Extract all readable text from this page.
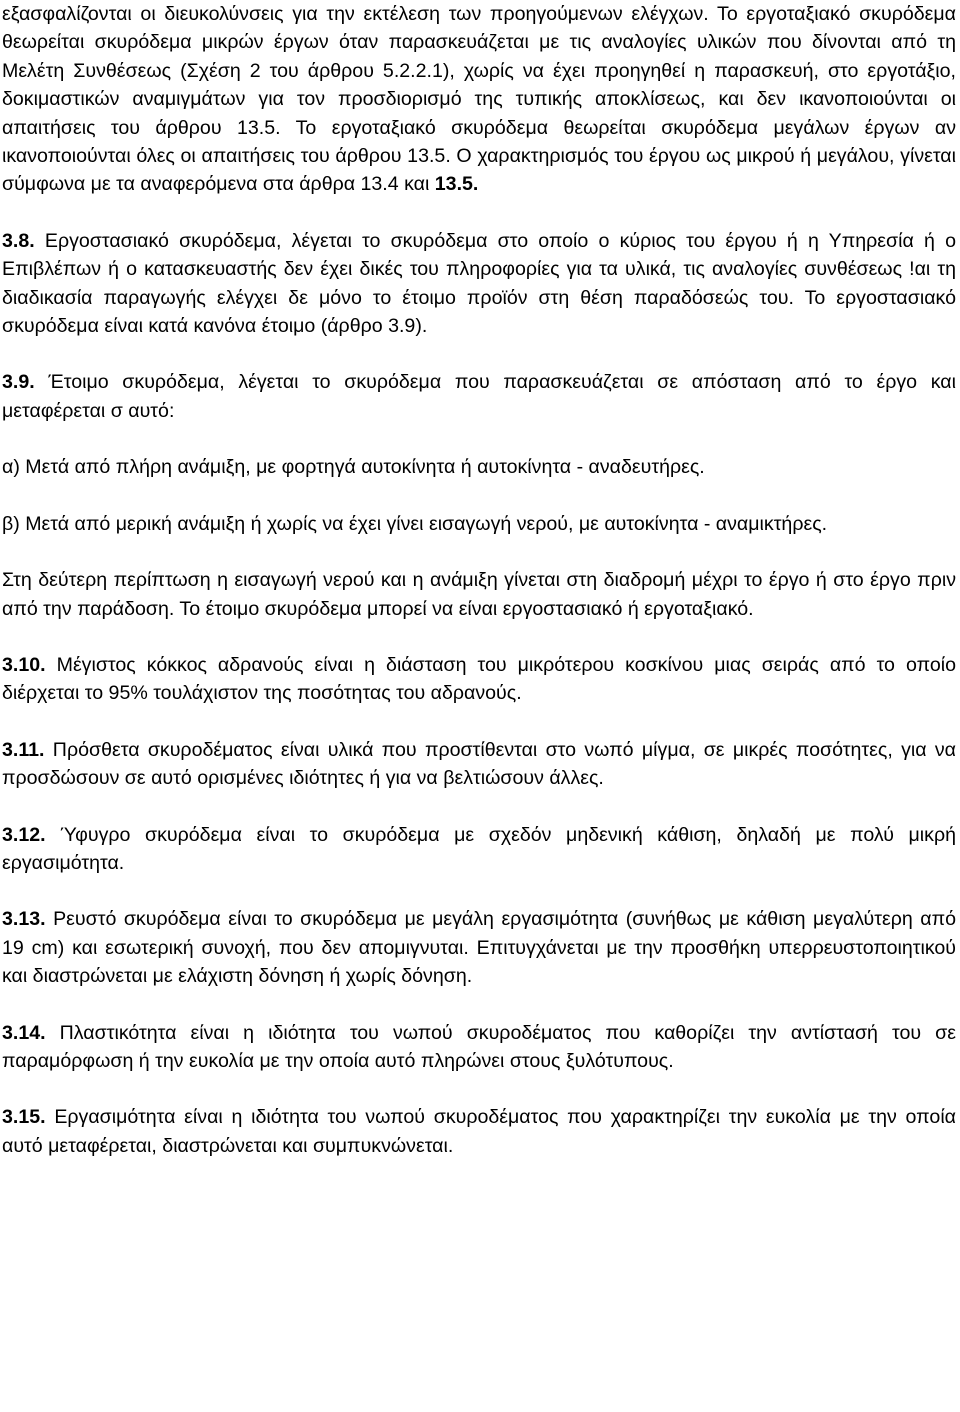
εξασφαλίζονται οι διευκολύνσεις για την εκτέλεση των προηγούμενων ελέγχων. Το εργοταξιακό σκυρόδεμα θεωρείται σκυρόδεμα μικρών έργων όταν παρασκευάζεται με τις αναλογίες υλικών που δίνονται από τη Μελέτη Συνθέσεως (Σχέση 2 του άρθρου 5.2.2.1), χωρίς να έχει προηγηθεί η παρασκευή, στο εργοτάξιο, δοκιμαστικών αναμιγμάτων για τον προσδιορισμό της τυπικής αποκλίσεως, και δεν ικανοποιούνται οι απαιτήσεις του άρθρου 13.5. Το εργοταξιακό σκυρόδεμα θεωρείται σκυρόδεμα μεγάλων έργων αν ικανοποιούνται όλες οι απαιτήσεις του άρθρου 13.5. Ο χαρακτηρισμός του έργου ως μικρού ή μεγάλου, γίνεται σύμφωνα με τα αναφερόμενα στα άρθρα 13.4 και 13.5.

3.8. Εργοστασιακό σκυρόδεμα, λέγεται το σκυρόδεμα στο οποίο ο κύριος του έργου ή η Υπηρεσία ή ο Επιβλέπων ή ο κατασκευαστής δεν έχει δικές του πληροφορίες για τα υλικά, τις αναλογίες συνθέσεως !αι τη διαδικασία παραγωγής ελέγχει δε μόνο το έτοιμο προϊόν στη θέση παραδόσεώς του. Το εργοστασιακό σκυρόδεμα είναι κατά κανόνα έτοιμο (άρθρο 3.9).

3.9. Έτοιμο σκυρόδεμα, λέγεται το σκυρόδεμα που παρασκευάζεται σε απόσταση από το έργο και μεταφέρεται σ αυτό:

α) Μετά από πλήρη ανάμιξη, με φορτηγά αυτοκίνητα ή αυτοκίνητα - αναδευτήρες.

β) Μετά από μερική ανάμιξη ή χωρίς να έχει γίνει εισαγωγή νερού, με αυτοκίνητα - αναμικτήρες.

Στη δεύτερη περίπτωση η εισαγωγή νερού και η ανάμιξη γίνεται στη διαδρομή μέχρι το έργο ή στο έργο πριν από την παράδοση. Το έτοιμο σκυρόδεμα μπορεί να είναι εργοστασιακό ή εργοταξιακό.

3.10. Μέγιστος κόκκος αδρανούς είναι η διάσταση του μικρότερου κοσκίνου μιας σειράς από το οποίο διέρχεται το 95% τουλάχιστον της ποσότητας του αδρανούς.

3.11. Πρόσθετα σκυροδέματος είναι υλικά που προστίθενται στο νωπό μίγμα, σε μικρές ποσότητες, για να προσδώσουν σε αυτό ορισμένες ιδιότητες ή για να βελτιώσουν άλλες.

3.12. Ύφυγρο σκυρόδεμα είναι το σκυρόδεμα με σχεδόν μηδενική κάθιση, δηλαδή με πολύ μικρή εργασιμότητα.

3.13. Ρευστό σκυρόδεμα είναι το σκυρόδεμα με μεγάλη εργασιμότητα (συνήθως με κάθιση μεγαλύτερη από 19 cm) και εσωτερική συνοχή, που δεν απομιγνυται. Επιτυγχάνεται με την προσθήκη υπερρευστοποιητικού και διαστρώνεται με ελάχιστη δόνηση ή χωρίς δόνηση.

3.14. Πλαστικότητα είναι η ιδιότητα του νωπού σκυροδέματος που καθορίζει την αντίστασή του σε παραμόρφωση ή την ευκολία με την οποία αυτό πληρώνει στους ξυλότυπους.

3.15. Εργασιμότητα είναι η ιδιότητα του νωπού σκυροδέματος που χαρακτηρίζει την ευκολία με την οποία αυτό μεταφέρεται, διαστρώνεται και συμπυκνώνεται.
